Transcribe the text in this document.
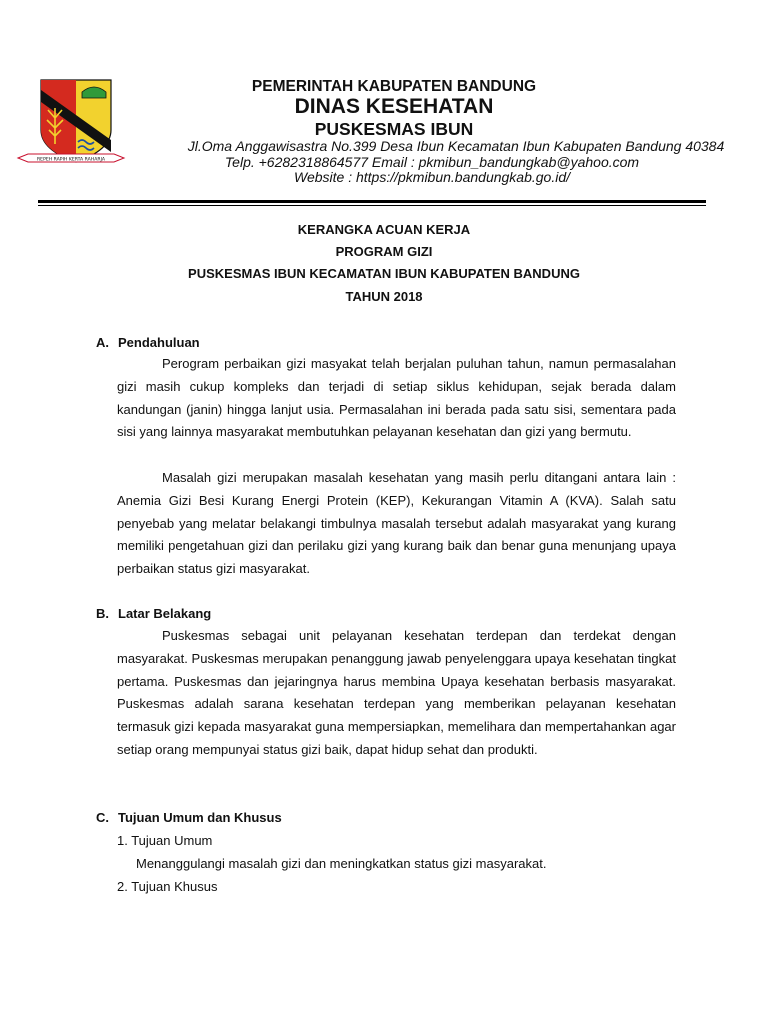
REPEH RAPIH KERTA RAHARJA
PEMERINTAH KABUPATEN BANDUNG
DINAS KESEHATAN
PUSKESMAS IBUN
Jl.Oma Anggawisastra No.399 Desa Ibun Kecamatan Ibun Kabupaten Bandung 40384
Telp. +6282318864577 Email : pkmibun_bandungkab@yahoo.com
Website : https://pkmibun.bandungkab.go.id/
KERANGKA ACUAN KERJA
PROGRAM GIZI
PUSKESMAS IBUN KECAMATAN IBUN KABUPATEN BANDUNG
TAHUN 2018
A. Pendahuluan
Perogram perbaikan gizi masyakat telah berjalan puluhan tahun, namun permasalahan gizi masih cukup kompleks dan terjadi di setiap siklus kehidupan, sejak berada dalam kandungan (janin) hingga lanjut usia. Permasalahan ini berada pada satu sisi, sementara pada sisi yang lainnya masyarakat membutuhkan pelayanan kesehatan dan gizi yang bermutu.
Masalah gizi merupakan masalah kesehatan yang masih perlu ditangani antara lain : Anemia Gizi Besi Kurang Energi Protein (KEP), Kekurangan Vitamin A (KVA). Salah satu penyebab yang melatar belakangi timbulnya masalah tersebut adalah masyarakat yang kurang memiliki pengetahuan gizi dan perilaku gizi yang kurang baik dan benar guna menunjang upaya perbaikan status gizi masyarakat.
B. Latar Belakang
Puskesmas sebagai unit pelayanan kesehatan terdepan dan terdekat dengan masyarakat. Puskesmas merupakan penanggung jawab penyelenggara upaya kesehatan tingkat pertama. Puskesmas dan jejaringnya harus membina Upaya kesehatan berbasis masyarakat. Puskesmas adalah sarana kesehatan terdepan yang memberikan pelayanan kesehatan termasuk gizi kepada masyarakat guna mempersiapkan, memelihara dan mempertahankan agar setiap orang mempunyai status gizi baik, dapat hidup sehat dan produkti.
C. Tujuan Umum dan Khusus
1. Tujuan Umum
Menanggulangi masalah gizi dan meningkatkan status gizi masyarakat.
2. Tujuan Khusus
